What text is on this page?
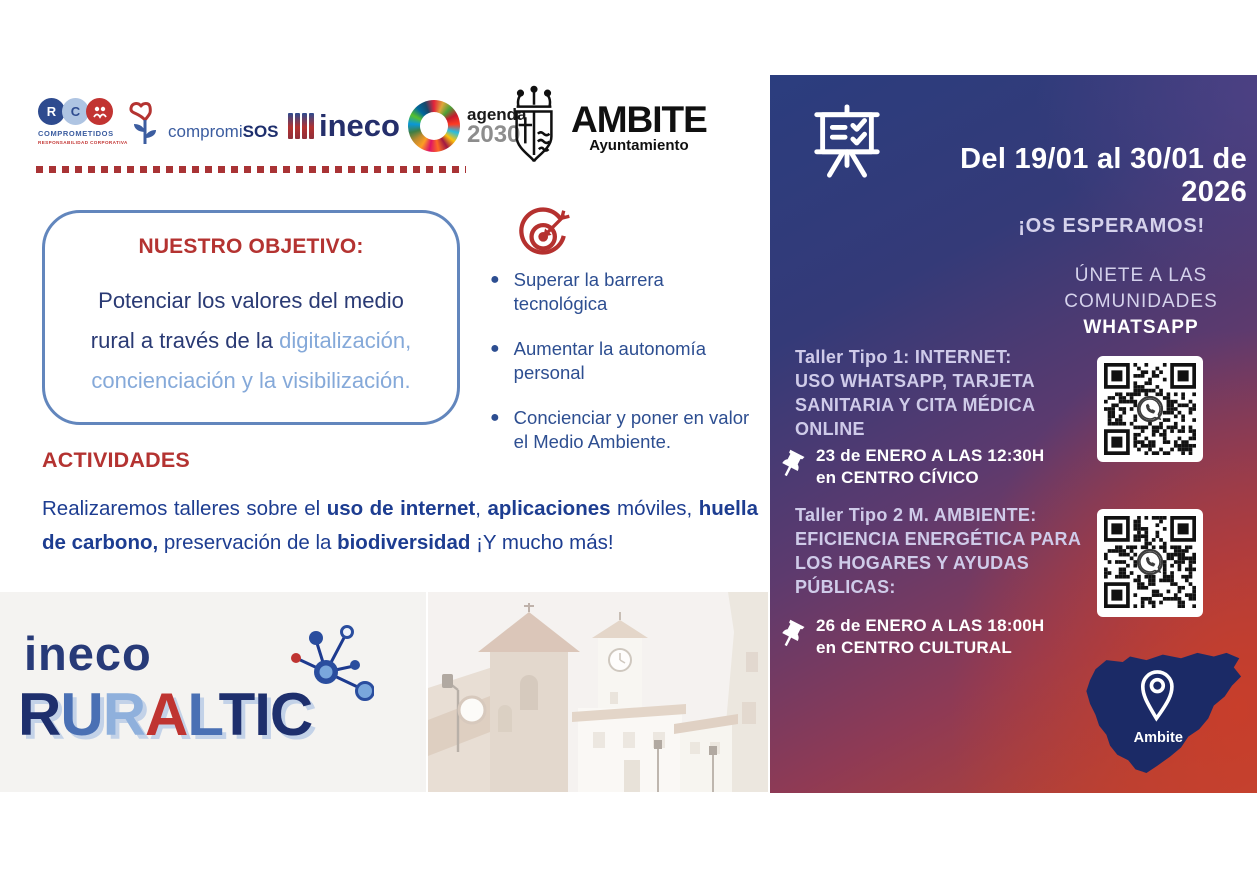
R	C
COMPROMETIDOS
RESPONSABILIDAD CORPORATIVA
compromiSOS ineco	agenda
2030 AMBITE
Ayuntamiento
NUESTRO OBJETIVO:
Potenciar los valores del medio rural a través de la digitalización, concienciación y la visibilización.
● Superar la barrera tecnológica
● Aumentar la autonomía personal
● Concienciar y poner en valor el Medio Ambiente.
ACTIVIDADES
Realizaremos talleres sobre el uso de internet, aplicaciones móviles, huella de carbono, preservación de la biodiversidad ¡Y mucho más!
ineco
RURALTIC
Del 19/01 al 30/01 de 2026
¡OS ESPERAMOS!
ÚNETE A LAS
COMUNIDADES
WHATSAPP
Taller Tipo 1: INTERNET: USO WHATSAPP, TARJETA SANITARIA Y CITA MÉDICA ONLINE
23 de ENERO A LAS 12:30H
en CENTRO CÍVICO
Taller Tipo 2 M. AMBIENTE: EFICIENCIA ENERGÉTICA PARA LOS HOGARES Y AYUDAS PÚBLICAS:
26 de ENERO A LAS 18:00H
en CENTRO CULTURAL
Ambite
